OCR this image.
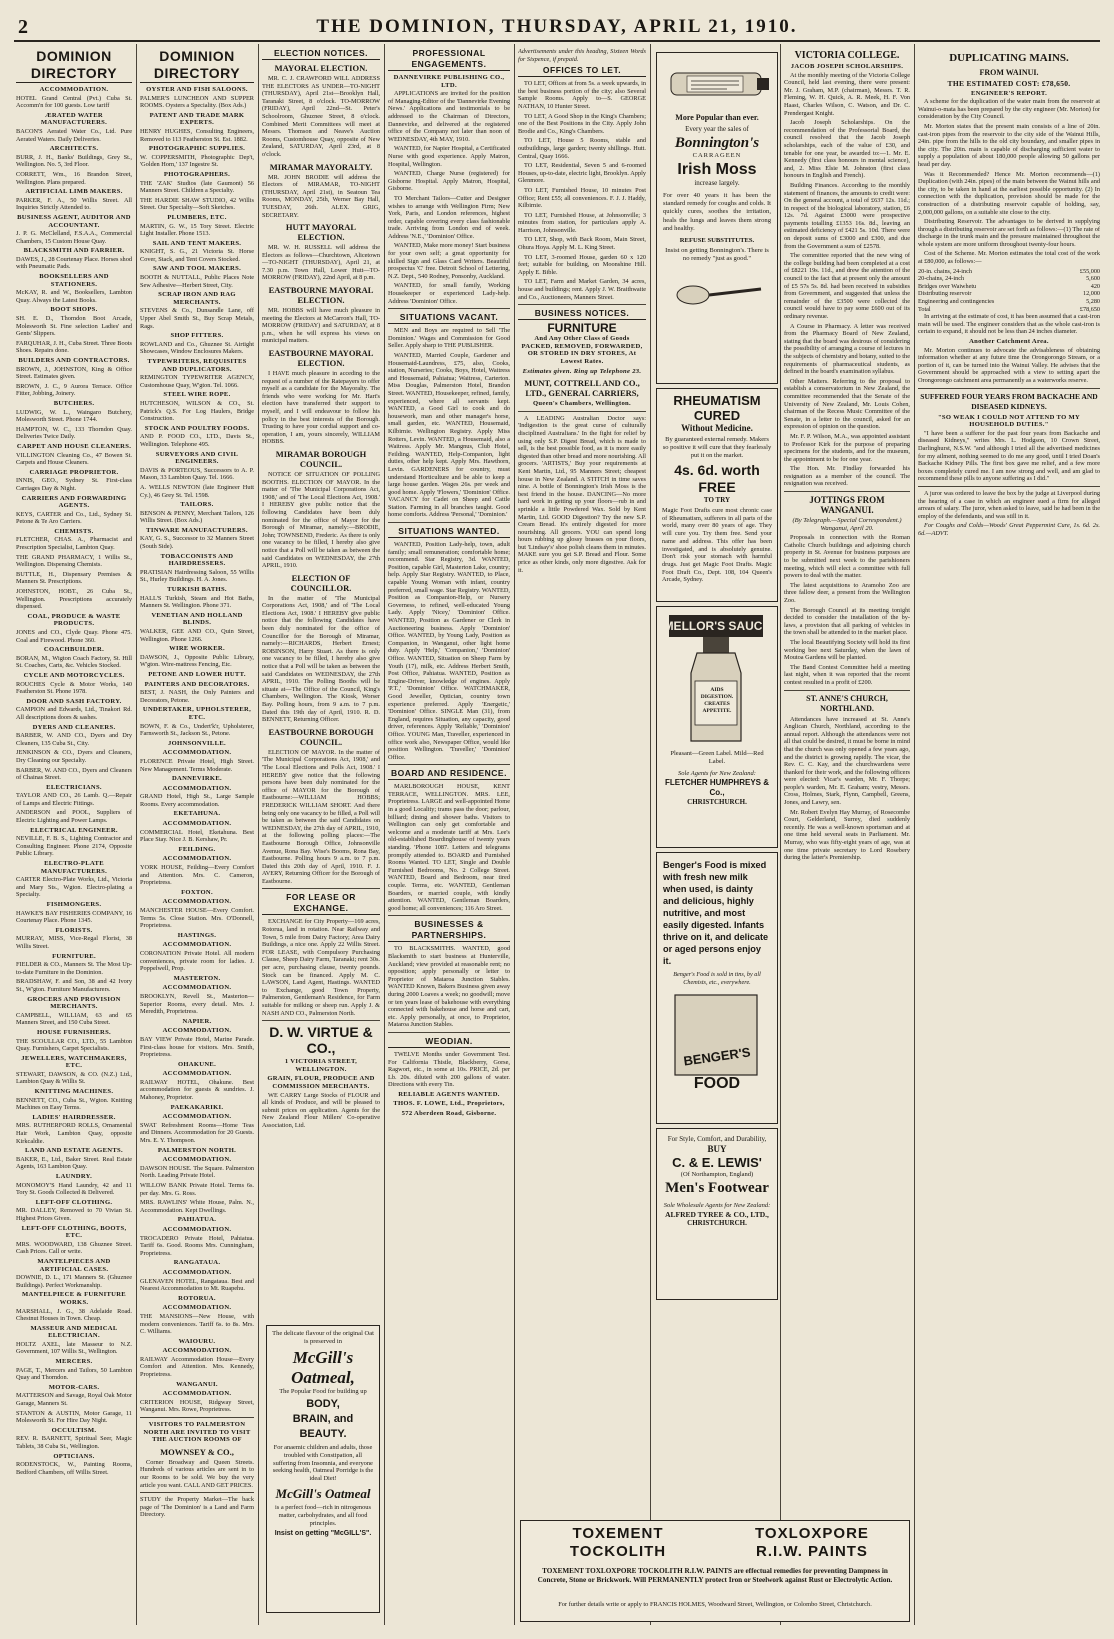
2	THE DOMINION, THURSDAY, APRIL 21, 1910.
DOMINION DIRECTORY
ACCOMMODATION.
HOTEL Grand Central (Pvt.) Cuba St. Accomm'n for 100 guests. Low tariff
ÆRATED WATER MANUFACTURERS.
BACON'S Aerated Water Co., Ltd. Pure Aerated Waters. Daily Deliveries.
ARCHITECTS.
BURR, J. H., Banks' Buildings, Grey St., Wellington. No. 5, 3rd Floor.
CORRETT, Wm., 16 Brandon Street, Wellington. Plans prepared.
ARTIFICIAL LIMB MAKERS.
PARKER, F. A., 50 Willis Street. All Inquiries Strictly Attended to.
BUSINESS AGENT, AUDITOR AND ACCOUNTANT.
J. P. G. McClelland, F.S.A.A., Commercial Chambers, 15 Custom House Quay.
BLACKSMITH AND FARRIER.
DAWES, J., 28 Courtenay Place. Horses shod with Pneumatic Pads.
BOOKSELLERS AND STATIONERS.
McKAY, R. and W., Booksellers, Lambton Quay. Always the Latest Books.
BOOT SHOPS.
SH. E. D., Thorndon Boot Arcade, Molesworth St. Fine selection Ladies' and Gents' Slippers.
FARQUHAR, J. H., Cuba Street. Three Boots Shoes. Repairs done.
BUILDERS AND CONTRACTORS.
BROWN, J., JOHNSTON, King & Office Street. Estimates given.
BROWN, J. C., 9 Aurora Terrace. Office Fitter, Jobbing, Joinery.
BUTCHERS.
LUDWIG, W. L., Waingaro Butchery, Molesworth Street. Phone 1744.
HAMPTON, W. C., 133 Thorndon Quay. Deliveries Twice Daily.
CARPET AND HOUSE CLEANERS.
VILLINGTON Cleaning Co., 47 Bowen St. Carpets and House Cleaners.
CARRIAGE PROPRIETOR.
INNIS, GEO., Sydney St. First-class Carriages Day & Night.
CARRIERS AND FORWARDING AGENTS.
KEYS, CARTER and Co., Ltd., Sydney St. Petone & Te Aro Carriers.
CHEMISTS.
FLETCHER, CHAS. A., Pharmacist and Prescription Specialist, Lambton Quay.
THE GRAND PHARMACY, 1 Willis St., Wellington. Dispensing Chemists.
BUTTLE, H., Dispensary Premises & Manners St. Prescriptions.
JOHNSTON, HOBT., 26 Cuba St., Wellington. Prescriptions accurately dispensed.
COAL, PRODUCE & WASTE PRODUCTS.
JONES and CO., Clyde Quay. Phone 475. Coal and Firewood. Phone 360.
COACHBUILDER.
BORAN, M., Wigton Coach Factory, St. Hill St. Coaches, Carts, &c. Vehicles Stocked.
CYCLE AND MOTORCYCLES.
ROUCHES Cycle & Motor Works, 140 Featherston St. Phone 1978.
DOOR AND SASH FACTORY.
CAMPION and Edwards, Ltd., Tinakori Rd. All descriptions doors & sashes.
DYERS AND CLEANERS.
BARBER, W. AND CO., Dyers and Dry Cleaners, 135 Cuba St., City.
JENKINSON & CO., Dyers and Cleaners, Dry Cleaning our Specialty.
BARBER, W. AND CO., Dyers and Cleaners of Chainas Street.
ELECTRICIANS.
TAYLOR AND CO., 26 Lamb. Q.—Repair of Lamps and Electric Fittings.
ANDERSON and POOL, Suppliers of Electric Lighting and Power Lamps.
ELECTRICAL ENGINEER.
NEVILLE, F. B. S., Lighting Contractor and Consulting Engineer. Phone 2174, Opposite Public Library.
ELECTRO-PLATE MANUFACTURERS.
CARTER Electro-Plate Works, Ltd., Victoria and Mary Sts., Wgton. Electro-plating a Specialty.
FISHMONGERS.
HAWKE'S BAY FISHERIES COMPANY, 16 Courtenay Place. Phone 1345.
FLORISTS.
MURRAY, MISS, Vice-Regal Florist, 38 Willis Street.
FURNITURE.
FIELDER & CO., Manners St. The Most Up-to-date Furniture in the Dominion.
BRADSHAW, F. and Son, 38 and 42 Ivory St., W'gton. Furniture Manufacturers.
GROCERS AND PROVISION MERCHANTS.
CAMPBELL, WILLIAM, 63 and 65 Manners Street, and 150 Cuba Street.
HOUSE FURNISHERS.
THE SCOULLAR CO., LTD., 55 Lambton Quay. Furnishers, Carpet Specialists.
JEWELLERS, WATCHMAKERS, ETC.
STEWART, DAWSON, & CO. (N.Z.) Ltd., Lambton Quay & Willis St.
KNITTING MACHINES.
BENNETT, CO., Cuba St., Wgton. Knitting Machines on Easy Terms.
LADIES' HAIRDRESSER.
MRS. RUTHERFORD ROLLS, Ornamental Hair Work, Lambton Quay, opposite Kirkcaldie.
LAND AND ESTATE AGENTS.
BAKER, E., Ltd., Baker Street. Real Estate Agents, 163 Lambton Quay.
LAUNDRY.
MONOMOY'S Hand Laundry, 42 and 11 Tory St. Goods Collected & Delivered.
LEFT-OFF CLOTHING.
MR. DALLEY, Removed to 70 Vivian St. Highest Prices Given.
LEFT-OFF CLOTHING, BOOTS, ETC.
MRS. WOODWARD, 138 Ghuznee Street. Cash Prices. Call or write.
MANTELPIECES AND ARTIFICIAL CASES.
DOWNIE, D. L., 171 Manners St. (Ghuznee Buildings). Perfect Workmanship.
MANTELPIECE & FURNITURE WORKS.
MARSHALL, J. G., 38 Adelaide Road. Chestnut Houses in Town. Cheap.
MASSEUR AND MEDICAL ELECTRICIAN.
HOLTZ AXEL, late Masseur to N.Z. Government, 107 Willis St., Wellington.
MERCERS.
PAGE, T., Mercers and Tailors, 50 Lambton Quay and Thorndon.
MOTOR-CARS.
MATTERSON and Savage, Royal Oak Motor Garage, Manners St.
STANTON & AUSTIN, Motor Garage, 11 Molesworth St. For Hire Day Night.
OCCULTISM.
REV. R. BARNETT, Spiritual Seer, Magic Tablets, 38 Cuba St., Wellington.
OPTICIANS.
RODENSTOCK, W., Painting Rooms, Bedford Chambers, off Willis Street.
DOMINION DIRECTORY
OYSTER AND FISH SALOONS.
PALMER'S LUNCHEON AND SUPPER ROOMS. Oysters a Speciality. (Box Ads.)
PATENT AND TRADE MARK EXPERTS.
HENRY HUGHES, Consulting Engineers, Removed to 113 Featherston St. Est. 1882.
PHOTOGRAPHIC SUPPLIES.
W. COPPERSMITH, Photographic Dep't, 'Golden Horn,' 137 Ingestre St.
PHOTOGRAPHERS.
THE 'ZAK' Studios (late Gaumont) 56 Manners Street. Children a Specialty.
THE HARDIE SHAW STUDIO, 42 Willis Street. Our Specialty—Soft Sketches.
PLUMBERS, ETC.
MARTIN, G. W., 15 Tory Street. Electric Light Installer. Phone 1513.
SAIL AND TENT MAKERS.
KNIGHT, S. G., 21 Victoria St. Horse Cover, Stack, and Tent Covers Stocked.
SAW AND TOOL MAKERS.
BOOTH & NUTTALL, Public Places Note Sew Adhesive—Herbert Street, City.
SCRAP IRON AND RAG MERCHANTS.
STEVENS & Co., Dunsandle Lane, off Upper Abel Smith St., Buy Scrap Metals, Rags.
SHOP FITTERS.
ROWLAND and Co., Ghuznee St. Airtight Showcases, Window Enclosures Makers.
TYPEWRITERS, REQUISITES AND DUPLICATORS.
REMINGTON TYPEWRITER AGENCY, Customhouse Quay, W'gton. Tel. 1066.
STEEL WIRE ROPE.
HUTCHESON, WILSON & CO., St. Patrick's Q.S. For Log Haulers, Bridge Construction.
STOCK AND POULTRY FOODS.
AND P. FOOD CO., LTD., Davis St., Wellington. Telephone 495.
SURVEYORS AND CIVIL ENGINEERS.
DAVIS & PORTEOUS, Successors to A. P. Mason, 33 Lambton Quay. Tel. 1666.
A. WELLS NEWTON (late Engineer Hutt Cy.), 46 Grey St. Tel. 1598.
TAILORS.
BENSON & PENNY, Merchant Tailors, 126 Willis Street. (Box Ads.)
TINWARE MANUFACTURERS.
KAY, G. S., Successor to 32 Manners Street (South Side).
TOBACCONISTS AND HAIRDRESSERS.
PRATISIAN Hairdressing Saloon, 55 Willis St., Hurley Buildings. H. A. Jones.
TURKISH BATHS.
HALL'S Turkish, Steam and Hot Baths, Manners St. Wellington. Phone 371.
VENETIAN AND HOLLAND BLINDS.
WALKER, GEE AND CO., Quin Street, Wellington. Phone 1266.
WIRE WORKER.
DAWSON, J., Opposite Public Library, W'gton. Wire-mattress Fencing, Etc.
PETONE AND LOWER HUTT.
PAINTERS AND DECORATORS.
BEST, J. NASH, the Only Painters and Decorators, Petone.
UNDERTAKER, UPHOLSTERER, ETC.
BOWN, F. & Co., Undert'k'r, Upholsterer, Farnsworth St., Jackson St., Petone.
JOHNSONVILLE.
ACCOMMODATION.
FLORENCE Private Hotel, High Street. New Management. Terms Moderate.
DANNEVIRKE.
ACCOMMODATION.
GRAND Hotel, High St., Large Sample Rooms. Every accommodation.
EKETAHUNA.
ACCOMMODATION.
COMMERCIAL Hotel, Eketahuna. Best Place Stay. Nice J. B. Kershaw, Pr.
FEILDING.
ACCOMMODATION.
YORK HOUSE, Feilding—Every Comfort and Attention. Mrs. C. Cameron, Proprietress.
FOXTON.
ACCOMMODATION.
MANCHESTER HOUSE—Every Comfort. Terms 5s. Close Station. Mrs. O'Donnell, Proprietress.
HASTINGS.
ACCOMMODATION.
CORONATION Private Hotel. All modern conveniences, private room for ladies. J. Poppelwell, Prop.
MASTERTON.
ACCOMMODATION.
BROOKLYN, Revell St., Masterton—Superior Rooms, every detail. Mrs. J. Meredith, Proprietress.
NAPIER.
ACCOMMODATION.
BAY VIEW Private Hotel, Marine Parade. First-class house for visitors. Mrs. Smith, Proprietress.
OHAKUNE.
ACCOMMODATION.
RAILWAY HOTEL, Ohakune. Best accommodation for guests & sundries. J. Mahoney, Proprietor.
PAEKAKARIKI.
ACCOMMODATION.
SWAT Refreshment Rooms—Home Teas and Dinners. Accommodation for 20 Guests. Mrs. E. Y. Thompson.
PALMERSTON NORTH.
ACCOMMODATION.
DAWSON HOUSE. The Square. Palmerston North. Leading Private Hotel.
WILLOW BANK Private Hotel. Terms 6s. per day. Mrs. G. Ross.
MRS. RAWLINS' White House, Palm. N., Accommodation. Kept Dwellings.
PAHIATUA.
ACCOMMODATION.
TROCADERO Private Hotel, Pahiatua. Tariff 6s. Good. Rooms Mrs. Cunningham, Proprietress.
RANGATAUA.
ACCOMMODATION.
GLENAVEN HOTEL, Rangataua. Best and Nearest Accommodation to Mt. Ruapehu.
ROTORUA.
ACCOMMODATION.
THE MANSIONS—New House, with modern conveniences. Tariff 6s. to 8s. Mrs. C. Williams.
WAIOURU.
ACCOMMODATION.
RAILWAY Accommodation House—Every Comfort and Attention. Mrs. Kennedy, Proprietress.
WANGANUI.
ACCOMMODATION.
CRITERION HOUSE, Ridgway Street, Wanganui. Mrs. Rowe, Proprietress.
VISITORS TO PALMERSTON NORTH ARE INVITED TO VISIT THE AUCTION ROOMS OF
MOWNSEY & CO.,
Corner Broadway and Queen Streets. Hundreds of various articles are sent in to our Rooms to be sold. We buy the very article you want. CALL AND GET PRICES.
STUDY the Property Market—The back page of 'The Dominion' is a Land and Farm Directory.
ELECTION NOTICES.
MAYORAL ELECTION.
MR. C. J. CRAWFORD WILL ADDRESS THE ELECTORS AS UNDER—TO-NIGHT (THURSDAY), April 21st—Brooklyn Hall, Taranaki Street, 8 o'clock. TO-MORROW (FRIDAY), April 22nd—St. Peter's Schoolroom, Ghuznee Street, 8 o'clock. Combined Merit Committees will meet at Messrs. Thomson and Neave's Auction Rooms, Customhouse Quay, opposite of New Zealand, SATURDAY, April 23rd, at 8 o'clock.
MIRAMAR MAYORALTY.
MR. JOHN BRODIE will address the Electors of MIRAMAR, TO-NIGHT (THURSDAY, April 21st), in Seatoun Tea Rooms, MONDAY, 25th, Werner Bay Hall, TUESDAY, 26th. ALEX. GRIG, SECRETARY.
HUTT MAYORAL ELECTION.
MR. W. H. RUSSELL will address the Electors as follows—Churchtown, Alicetown—TO-NIGHT (THURSDAY), April 21, at 7.30 p.m. Town Hall, Lower Hutt—TO-MORROW (FRIDAY), 22nd April, at 8 p.m.
EASTBOURNE MAYORAL ELECTION.
MR. HOBBS will have much pleasure in meeting the Electors at McCarron's Hall, TO-MORROW (FRIDAY) and SATURDAY, at 8 p.m., when he will express his views on municipal matters.
EASTBOURNE MAYORAL ELECTION.
I HAVE much pleasure in acceding to the request of a number of the Ratepayers to offer myself as a candidate for the Mayoralty. The friends who were working for Mr. Hart's election have transferred their support to myself, and I will endeavour to follow his policy in the best interests of the Borough. Trusting to have your cordial support and co-operation, I am, yours sincerely, WILLIAM HOBBS.
MIRAMAR BOROUGH COUNCIL.
NOTICE OF SITUATION OF POLLING BOOTHS. ELECTION OF MAYOR. In the matter of 'The Municipal Corporations Act, 1908,' and of 'The Local Elections Act, 1908.' I HEREBY give public notice that the following Candidates have been duly nominated for the office of Mayor for the Borough of Miramar, namely:—BRODIE, John; TOWNSEND, Frederic. As there is only one vacancy to be filled, I hereby also give notice that a Poll will be taken as between the said Candidates on WEDNESDAY, the 27th APRIL, 1910.
ELECTION OF COUNCILLOR.
In the matter of 'The Municipal Corporations Act, 1908,' and of 'The Local Elections Act, 1908.' I HEREBY give public notice that the following Candidates have been duly nominated for the office of Councillor for the Borough of Miramar, namely:—RICHARDS, Herbert Ernest; ROBINSON, Harry Stuart. As there is only one vacancy to be filled, I hereby also give notice that a Poll will be taken as between the said Candidates on WEDNESDAY, the 27th APRIL, 1910. The Polling Booths will be situate at—The Office of the Council, King's Chambers, Wellington. The Kiosk, Worser Bay. Polling hours, from 9 a.m. to 7 p.m. Dated this 19th day of April, 1910. R. D. BENNETT, Returning Officer.
EASTBOURNE BOROUGH COUNCIL.
ELECTION OF MAYOR. In the matter of 'The Municipal Corporations Act, 1908,' and 'The Local Elections and Polls Act, 1908.' I HEREBY give notice that the following persons have been duly nominated for the office of MAYOR for the Borough of Eastbourne:—WILLIAM HOBBS; FREDERICK WILLIAM SHORT. And there being only one vacancy to be filled, a Poll will be taken as between the said Candidates on WEDNESDAY, the 27th day of APRIL, 1910, at the following polling places:—The Eastbourne Borough Office, Johnsonville Avenue, Rona Bay. Wise's Booms, Rona Bay, Eastbourne. Polling hours 9 a.m. to 7 p.m. Dated this 20th day of April, 1910. F. J. AVERY, Returning Officer for the Borough of Eastbourne.
FOR LEASE OR EXCHANGE.
EXCHANGE for City Property—169 acres, Rotorua, land in rotation. Near Railway and Town, 5 mile from Dairy Factory; Area Dairy Buildings, a nice one. Apply 22 Willis Street. FOR LEASE, with Compulsory Purchasing Clause, Sheep Dairy Farm, Taranaki; rent 30s. per acre, purchasing clause, twenty pounds. Stock can be financed. Apply M. C. LAWSON, Land Agent, Hastings. WANTED to Exchange, good Town Property, Palmerston, Gentleman's Residence, for Farm suitable for milking or sheep run. Apply J. & NASH AND CO., Palmerston North.
D. W. VIRTUE & CO.,
1 VICTORIA STREET, WELLINGTON.
GRAIN, FLOUR, PRODUCE AND COMMISSION MERCHANTS.
WE CARRY Large Stocks of FLOUR and all kinds of Produce, and will be pleased to submit prices on application. Agents for the New Zealand Flour Millers' Co-operative Association, Ltd.
The delicate flavour of the original Oat is preserved in
McGill's Oatmeal,
The Popular Food for building up
BODY,
BRAIN, and
BEAUTY.
For anaemic children and adults, those troubled with Constipation, all suffering from Insomnia, and everyone seeking health, Oatmeal Porridge is the ideal Diet!
McGill's Oatmeal
is a perfect food—rich in nitrogenous matter, carbohydrates, and all food principles.
Insist on getting "McGILL'S".
PROFESSIONAL ENGAGEMENTS.
DANNEVIRKE PUBLISHING CO., LTD.
APPLICATIONS are invited for the position of Managing-Editor of the 'Dannevirke Evening News.' Applications and testimonials to be addressed to the Chairman of Directors, Dannevirke, and delivered at the registered office of the Company not later than noon of WEDNESDAY, 4th MAY, 1910.
WANTED, for Napier Hospital, a Certificated Nurse with good experience. Apply Matron, Hospital, Wellington.
WANTED, Charge Nurse (registered) for Gisborne Hospital. Apply Matron, Hospital, Gisborne.
TO Merchant Tailors—Cutter and Designer wishes to arrange with Wellington Firm; New York, Paris, and London references, highest order, capable covering every class fashionable trade. Arriving from London end of week. Address 'N.E.,' 'Dominion' Office.
WANTED, Make more money! Start business for your own self; a great opportunity for skilled Sign and Glass Card Writers. Beautiful prospectus 'C' free. Detroit School of Lettering, N.Z. Dept., 540 Rodney, Ponsonby, Auckland.
WANTED, for small family, Working Housekeeper or experienced Lady-help. Address 'Dominion' Office.
SITUATIONS VACANT.
MEN and Boys are required to Sell 'The Dominion.' Wages and Commission for Good Seller. Apply sharp to THE PUBLISHER.
WANTED, Married Couple, Gardener and Housemaid-Laundress, £75, also, Cooks, station, Nurseries; Cooks, Boys, Hotel, Waitress and Housemaid, Pahiatua; Waitress, Carterton. Miss Douglas, Palmerston Hotel, Brandon Street. WANTED, Housekeeper, refined, family, experienced, where all servants kept. WANTED, a Good Girl to cook and do housework, man and other manager's horse, small garden, etc. WANTED, Housemaid, Kilbirnie. Wellington Registry. Apply Miss Rotters, Levin. WANTED, a Housemaid, also a Waitress. Apply Mr. Mangnus, Club Hotel, Feilding. WANTED, Help-Companion, light duties, other help kept. Apply Mrs. Hawthorn, Levin. GARDENERS for country, must understand Horticulture and be able to keep a large house garden. Wages 26s. per week and good home. Apply 'Flowers,' 'Dominion' Office. VACANCY for Cadet on Sheep and Cattle Station. Farming in all branches taught. Good home comforts. Address 'Personal,' 'Dominion.'
SITUATIONS WANTED.
WANTED, Position Lady-help, town, adult family; small remuneration; comfortable home; recommend. Star Registry, 3d. WANTED, Position, capable Girl, Masterton Lake, country; help. Apply Star Registry. WANTED, to Place, capable Young Woman with infant, country preferred, small wage. Star Registry. WANTED, Position as Companion-Help, or Nursery Governess, to refined, well-educated Young Lady. Apply 'Nicey,' 'Dominion' Office. WANTED, Position as Gardener or Clerk in Auctioneering business. Apply 'Dominion' Office. WANTED, by Young Lady, Position as Companion, in Wanganui, other light home duty. Apply 'Help,' 'Companion,' 'Dominion' Office. WANTED, Situation on Sheep Farm by Youth (17), milk, etc. Address Herbert Smith, Post Office, Pahiatua. WANTED, Position as Engine-Driver, knowledge of engines. Apply 'P.T.,' 'Dominion' Office. WATCHMAKER, Good Jeweller, Optician, country town experience preferred. Apply 'Energetic,' 'Dominion' Office. SINGLE Man (31), from England, requires Situation, any capacity, good driver, references. Apply 'Reliable,' 'Dominion' Office. YOUNG Man, Traveller, experienced in office work also, Newspaper Office, would like position Wellington. 'Traveller,' 'Dominion' Office.
BOARD AND RESIDENCE.
MARLBOROUGH HOUSE, KENT TERRACE, WELLINGTON. MRS. LEE, Proprietress. LARGE and well-appointed Home in a good Locality; trams pass the door; parlour, billiard; dining and shower baths. Visitors to Wellington can only get comfortable and welcome and a moderate tariff at Mrs. Lee's old-established Boardinghouse of twenty years standing. 'Phone 1087. Letters and telegrams promptly attended to. BOARD and Furnished Rooms Wanted. TO LET, Single and Double Furnished Bedrooms, No. 2 College Street. WANTED, Board and Bedroom, near tired couple. Terms, etc. WANTED, Gentleman Boarders, or married couple, with kindly attention. WANTED, Gentleman Boarders, good home; all conveniences; 116 Aro Street.
BUSINESSES & PARTNERSHIPS.
TO BLACKSMITHS. WANTED, good Blacksmith to start business at Hunterville, Auckland; view provided at reasonable rent; no opposition; apply personally or letter to Proprietor of Mataroa Junction Stables. WANTED Known, Bakers Business given away during 2000 Loaves a week; no goodwill; move or ten years lease of bakehouse with everything connected with bakehouse and horse and cart, etc. Apply personally, at once, to Proprietor, Mataroa Junction Stables.
WEODIAN.
TWELVE Months under Government Test. For California Thistle, Blackberry, Gorse, Ragwort, etc., in some at 10s. PRICE, 2d. per Lb. 20s. diluted with 200 gallons of water. Directions with every Tin.
RELIABLE AGENTS WANTED.
THOS. F. LOWE, Ltd., Proprietors,
572 Aberdeen Road, Gisborne.
Advertisements under this heading, Sixteen Words for Sixpence, if prepaid.
OFFICES TO LET.
TO LET, Offices at from 5s. a week upwards, in the best business portion of the city; also Several Sample Rooms. Apply to—S. GEORGE NATHAN, 10 Hunter Street.
TO LET, A Good Shop in the King's Chambers; one of the Best Positions in the City. Apply John Brodie and Co., King's Chambers.
TO LET, House 5 Rooms, stable and outbuildings, large garden; twenty shillings. Hutt. Central, Quay 1666.
TO LET, Residential, Seven 5 and 6-roomed Houses, up-to-date, electric light, Brooklyn. Apply Glenmore.
TO LET, Furnished House, 10 minutes Post Office; Rent £55; all conveniences. F. J. J. Haddy, Kilbirnie.
TO LET, Furnished House, at Johnsonville; 3 minutes from station, for particulars apply A. Harrison, Johnsonville.
TO LET, Shop, with Back Room, Main Street, Ohura Hoya. Apply M. L. King Street.
TO LET, 3-roomed House, garden 60 x 120 feet; suitable for building, on Moonshine Hill. Apply E. Bible.
TO LET, Farm and Market Garden, 34 acres, house and buildings; rent. Apply J. W. Braithwaite and Co., Auctioneers, Manners Street.
BUSINESS NOTICES.
FURNITURE
And Any Other Class of Goods PACKED, REMOVED, FORWARDED, OR STORED IN DRY STORES, At Lowest Rates.
Estimates given. Ring up Telephone 23.
MUNT, COTTRELL AND CO., LTD., GENERAL CARRIERS,
Queen's Chambers, Wellington.
A LEADING Australian Doctor says: 'Indigestion is the great curse of culturally disciplined Australians.' In the fight for relief by using only S.P. Digest Bread, which is made to sell, is the best possible food, as it is more easily digested than other bread and more nourishing. All grocers. 'ARTISTS,' Buy your requirements at Kent Martin, Ltd., 95 Manners Street; cheapest house in New Zealand. A STITCH in time saves nine. A bottle of Bonnington's Irish Moss is the best friend in the house. DANCING—No more hard work in getting up your floors—rub in and sprinkle a little Powdered Wax. Sold by Kent Martin, Ltd. GOOD Digestion? Try the new S.P. Cream Bread. It's entirely digested for more nourishing. All grocers. YOU can spend long hours rubbing up glossy brasses on your floors, but 'Lindsay's' shoe polish cleans them in minutes. MAKE sure you get S.P. Bread and Flour. Some price as other kinds, only more digestive. Ask for it.
TOXEMENT
TOCKOLITH
TOXLOXPORE
R.I.W. PAINTS
TOXEMENT TOXLOXPORE TOCKOLITH R.I.W. PAINTS are effectual remedies for preventing Dampness in Concrete, Stone or Brickwork. Will PERMANENTLY protect Iron or Steelwork against Rust or Electrolytic Action.
For further details write or apply to FRANCIS HOLMES, Woodward Street, Wellington, or Colombo Street, Christchurch.
More Popular than ever.
Every year the sales of
Bonnington's
CARRAGEEN
Irish Moss
increase largely.
For over 40 years it has been the standard remedy for coughs and colds. It quickly cures, soothes the irritation, heals the lungs and leaves them strong and healthy.
REFUSE SUBSTITUTES.
Insist on getting Bonnington's. There is no remedy "just as good."
RHEUMATISM CURED
Without Medicine.
By guaranteed external remedy. Makers so positive it will cure that they fearlessly put it on the market.
4s. 6d. worth FREE
TO TRY
Magic Foot Drafts cure most chronic case of Rheumatism, sufferers in all parts of the world, many over 80 years of age. They will cure you. Try them free. Send your name and address. This offer has been investigated, and is absolutely genuine. Don't risk your stomach with harmful drugs. Just get Magic Foot Drafts. Magic Foot Draft Co., Dept. 108, 104 Queen's Arcade, Sydney.
MELLOR'S SAUCE
AIDS DIGESTION.
CREATES APPETITE.
Pleasant—Green Label. Mild—Red Label.
Sole Agents for New Zealand:
FLETCHER HUMPHREYS & Co.,
CHRISTCHURCH.
Benger's Food is mixed with fresh new milk when used, is dainty and delicious, highly nutritive, and most easily digested. Infants thrive on it, and delicate or aged persons enjoy it.
Benger's Food is sold in tins, by all Chemists, etc., everywhere.
BENGER'S
FOOD
For Style, Comfort, and Durability,
BUY
C. & E. LEWIS'
(Of Northampton, England)
Men's Footwear
Sole Wholesale Agents for New Zealand:
ALFRED TYREE & CO., LTD.,
CHRISTCHURCH.
VICTORIA COLLEGE.
JACOB JOSEPH SCHOLARSHIPS.
At the monthly meeting of the Victoria College Council, held last evening, there were present: Mr. J. Graham, M.P. (chairman), Messrs. T. R. Fleming, W. H. Quick, A. R. Meek, H. F. Von Haast, Charles Wilson, C. Watson, and Dr. C. Prendergast Knight.
Jacob Joseph Scholarships. On the recommendation of the Professorial Board, the council resolved that the Jacob Joseph scholarships, each of the value of £30, and tenable for one year, be awarded to:—1. Mr. E. Kennedy (first class honours in mental science), and, 2. Miss Elsie M. Johnston (first class honours in English and French).
Building Finances. According to the monthly statement of finances, the amounts to credit were: On the general account, a total of £637 12s. 11d.; in respect of the biological laboratory, station, £6 12s. 7d. Against £3000 were prospective payments totalling £1353 16s. 8d., leaving an estimated deficiency of £421 5s. 10d. There were on deposit sums of £3000 and £300, and due from the Government a sum of £2578.
The committee reported that the new wing of the college building had been completed at a cost of £8221 19s. 11d., and drew the attention of the council to the fact that at present only the amount of £5 57s 5s. 8d. had been received in subsidies from Government, and suggested that unless the remainder of the £3500 were collected the council would have to pay some £600 out of its ordinary revenue.
A Course in Pharmacy. A letter was received from the Pharmacy Board of New Zealand, stating that the board was desirous of considering the possibility of arranging a course of lectures in the subjects of chemistry and botany, suited to the requirements of pharmaceutical students, as defined in the board's examination syllabus.
Other Matters. Referring to the proposal to establish a conservatorium in New Zealand, the committee recommended that the Senate of the University of New Zealand, Mr. Louis Cohen, chairman of the Recess Music Committee of the Senate, in a letter to the council, asked for an expression of opinion on the question.
Mr. F. P. Wilson, M.A., was appointed assistant to Professor Kirk for the purpose of preparing specimens for the students, and for the museum, the appointment to be for one year.
The Hon. Mr. Findlay forwarded his resignation as a member of the council. The resignation was received.
JOTTINGS FROM WANGANUI.
(By Telegraph.—Special Correspondent.) Wanganui, April 20.
Proposals in connection with the Roman Catholic Church buildings and adjoining church property in St. Avenue for business purposes are to be submitted next week to the parishioners meeting, which will elect a committee with full powers to deal with the matter.
The latest acquisitions to Aramoho Zoo are three fallow deer, a present from the Wellington Zoo.
The Borough Council at its meeting tonight decided to consider the installation of the by-laws, a provision that all parking of vehicles in the town shall be attended to in the market place.
The local Beautifying Society will hold its first working bee next Saturday, when the lawn of Moutoa Gardens will be planted.
The Band Contest Committee held a meeting last night, when it was reported that the recent contest resulted in a profit of £200.
ST. ANNE'S CHURCH, NORTHLAND.
Attendances have increased at St. Anne's Anglican Church, Northland, according to the annual report. Although the attendances were not all that could be desired, it must be borne in mind that the church was only opened a few years ago, and the district is growing rapidly. The vicar, the Rev. C. C. Kay, and the churchwardens were thanked for their work, and the following officers were elected: Vicar's warden, Mr. F. Thorpe; people's warden, Mr. E. Graham; vestry, Messrs. Cross, Holmes, Stark, Flynn, Campbell, Greens, Jones, and Lawry, sen.
Mr. Robert Evelyn Hay Murray, of Rosecombe Court, Gelderland, Surrey, died suddenly recently. He was a well-known sportsman and at one time held several seats in Parliament. Mr. Murray, who was fifty-eight years of age, was at one time private secretary to Lord Rosebery during the latter's Premiership.
DUPLICATING MAINS.
FROM WAINUI.
THE ESTIMATED COST: £78,650.
ENGINEER'S REPORT.
A scheme for the duplication of the water main from the reservoir at Wainui-o-mata has been prepared by the city engineer (Mr. Morton) for consideration by the City Council.
Mr. Morton states that the present main consists of a line of 20in. cast-iron pipes from the reservoir to the city side of the Wainui Hills, 24in. pipe from the hills to the old city boundary, and smaller pipes in the city. The 20in. main is capable of discharging sufficient water to supply a population of about 180,000 people allowing 50 gallons per head per day.
Was it Recommended? Hence Mr. Morton recommends—(1) Duplication (with 24in. pipes) of the main between the Wainui hills and the city, to be taken in hand at the earliest possible opportunity. (2) In connection with the duplication, provision should be made for the construction of a distributing reservoir capable of holding, say, 2,000,000 gallons, on a suitable site close to the city.
Distributing Reservoir. The advantages to be derived in supplying through a distributing reservoir are set forth as follows:—(1) The rate of discharge in the trunk main and the pressure maintained throughout the whole system are more uniform throughout twenty-four hours.
Cost of the Scheme. Mr. Morton estimates the total cost of the work at £80,000, as follows:—
20-in. chains, 24-inch	£55,000
20-chains, 24-inch	5,600
Bridges over Waiwhetu	420
Distributing reservoir	12,000
Engineering and contingencies	5,280
Total	£78,650
In arriving at the estimate of cost, it has been assumed that a cast-iron main will be used. The engineer considers that as the whole cast-iron is certain to expand, it should not be less than 24 inches diameter.
Another Catchment Area.
Mr. Morton continues to advocate the advisableness of obtaining information whether at any future time the Orongorongo Stream, or a portion of it, can be turned into the Wainui Valley. He advises that the Government should be approached with a view to setting apart the Orongorongo catchment area permanently as a waterworks reserve.
SUFFERED FOUR YEARS FROM BACKACHE AND DISEASED KIDNEYS.
"SO WEAK I COULD NOT ATTEND TO MY HOUSEHOLD DUTIES."
"I have been a sufferer for the past four years from Backache and diseased Kidneys," writes Mrs. L. Hodgson, 10 Crown Street, Darlinghurst, N.S.W. "and although I tried all the advertised medicines for my ailment, nothing seemed to do me any good, until I tried Doan's Backache Kidney Pills. The first box gave me relief, and a few more boxes completely cured me. I am now strong and well, and am glad to recommend these pills to anyone suffering as I did."
A juror was ordered to leave the box by the judge at Liverpool during the hearing of a case in which an engineer sued a firm for alleged arrears of salary. The juror, when asked to leave, said he had been in the employ of the defendants, and was still in it.
For Coughs and Colds—Woods' Great Peppermint Cure, 1s. 6d. 2s. 6d.—ADVT.
